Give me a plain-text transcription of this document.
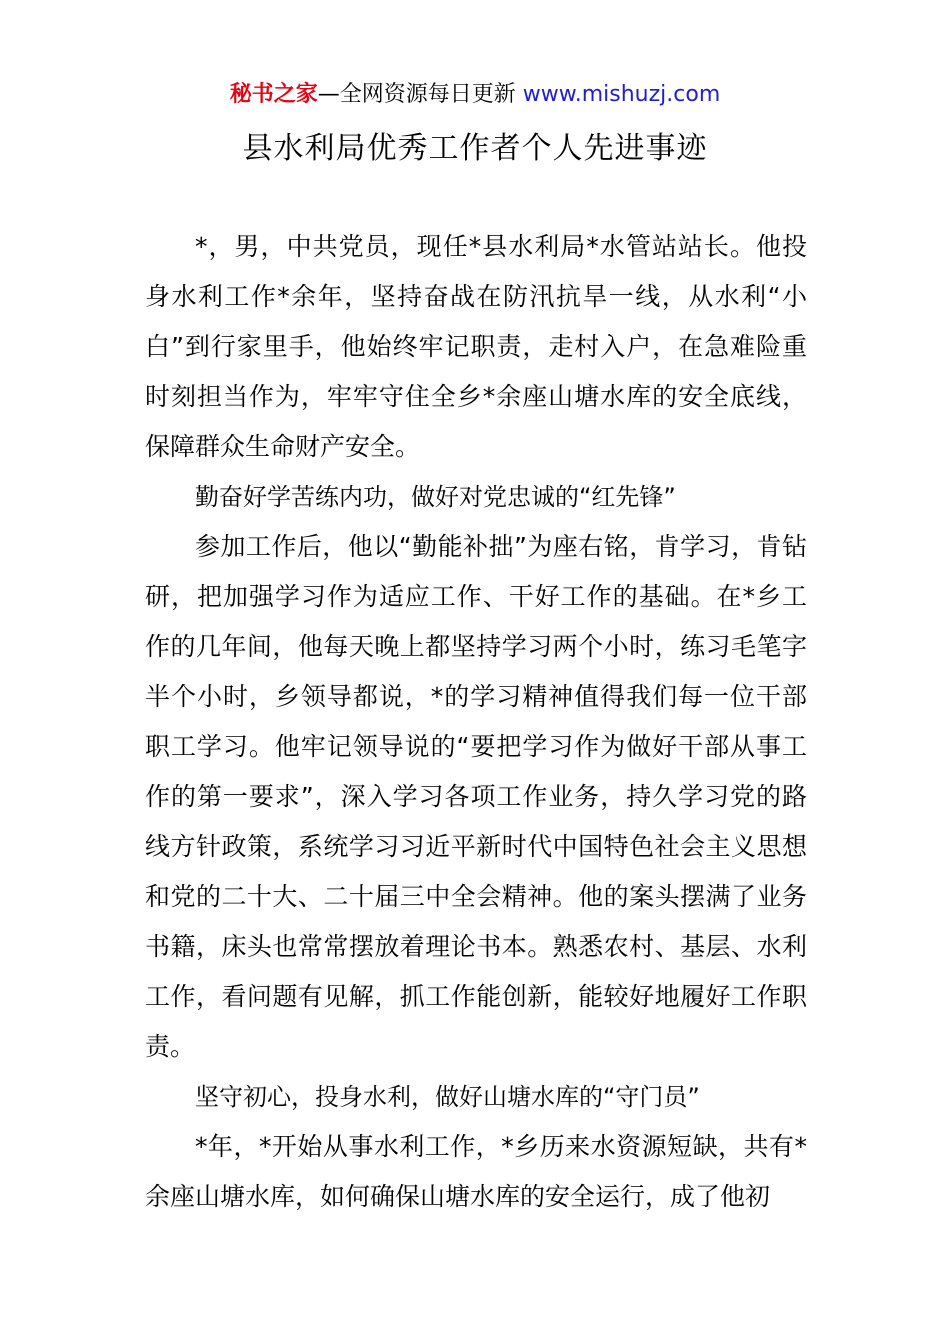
秘书之家—全网资源每日更新 www.mishuzj.com
县水利局优秀工作者个人先进事迹

*，男，中共党员，现任*县水利局*水管站站长。他投身水利工作*余年，坚持奋战在防汛抗旱一线，从水利“小白”到行家里手，他始终牢记职责，走村入户，在急难险重时刻担当作为，牢牢守住全乡*余座山塘水库的安全底线，保障群众生命财产安全。

勤奋好学苦练内功，做好对党忠诚的“红先锋”

参加工作后，他以“勤能补拙”为座右铭，肯学习，肯钻研，把加强学习作为适应工作、干好工作的基础。在*乡工作的几年间，他每天晚上都坚持学习两个小时，练习毛笔字半个小时，乡领导都说，*的学习精神值得我们每一位干部职工学习。他牢记领导说的“要把学习作为做好干部从事工作的第一要求”，深入学习各项工作业务，持久学习党的路线方针政策，系统学习习近平新时代中国特色社会主义思想和党的二十大、二十届三中全会精神。他的案头摆满了业务书籍，床头也常常摆放着理论书本。熟悉农村、基层、水利工作，看问题有见解，抓工作能创新，能较好地履好工作职责。

坚守初心，投身水利，做好山塘水库的“守门员”

*年，*开始从事水利工作，*乡历来水资源短缺，共有*余座山塘水库，如何确保山塘水库的安全运行，成了他初
